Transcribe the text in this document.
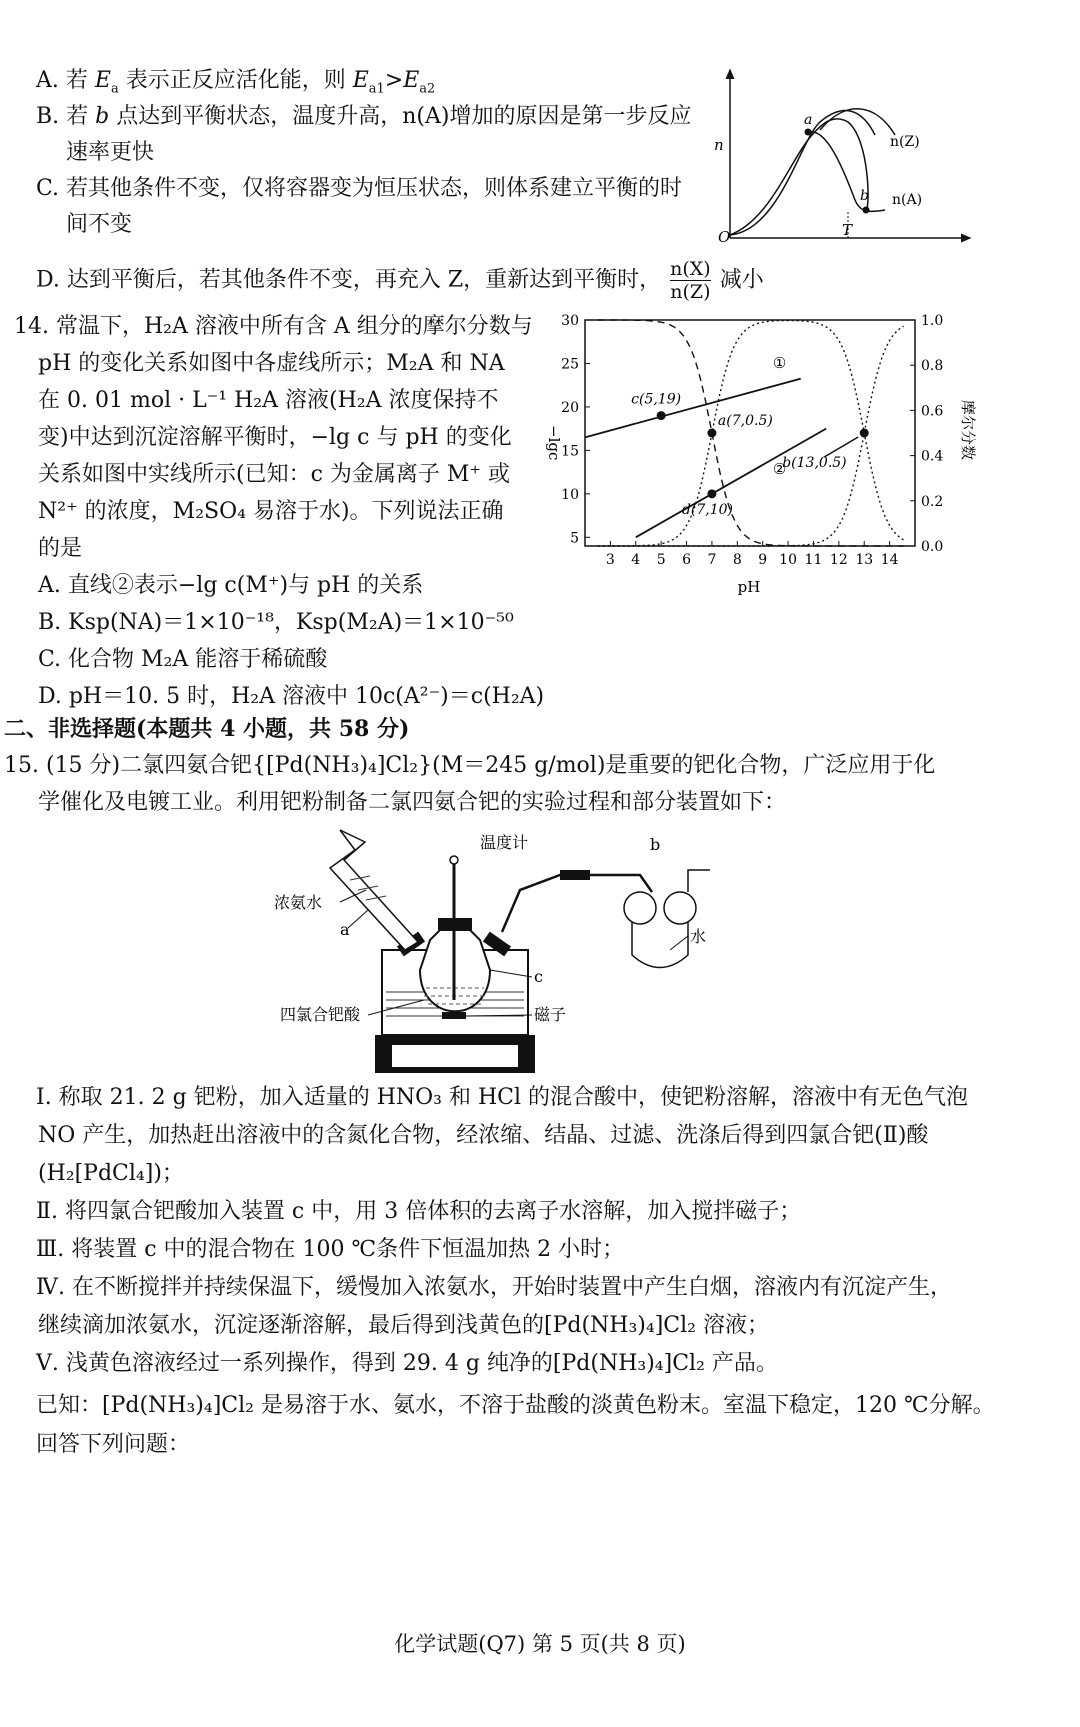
A. 若 $E_a$ 表示正反应活化能，则 $E_{a1}>E_{a2}$
B. 若 b 点达到平衡状态，温度升高，n(A)增加的原因是第一步反应
速率更快
C. 若其他条件不变，仅将容器变为恒压状态，则体系建立平衡的时
间不变
D. 达到平衡后，若其他条件不变，再充入 Z，重新达到平衡时， $\frac{n(X)}{n(Z)}$ 减小
n
O	T
a
b
n(Z)
n(A)
14. 常温下，H₂A 溶液中所有含 A 组分的摩尔分数与
pH 的变化关系如图中各虚线所示；M₂A 和 NA
在 0. 01 mol · L⁻¹ H₂A 溶液(H₂A 浓度保持不
变)中达到沉淀溶解平衡时，−lg c 与 pH 的变化
关系如图中实线所示(已知：c 为金属离子 M⁺ 或
N²⁺ 的浓度，M₂SO₄ 易溶于水)。下列说法正确
的是
A. 直线②表示−lg c(M⁺)与 pH 的关系
B. Ksp(NA)＝1×10⁻¹⁸，Ksp(M₂A)＝1×10⁻⁵⁰
C. 化合物 M₂A 能溶于稀硫酸
D. pH＝10. 5 时，H₂A 溶液中 10c(A²⁻)＝c(H₂A)
3 4 5 6 7 8 9 10 11 12 13 14
5
10
15
20
25
30
0.0
0.2
0.4
0.6
0.8
1.0
①
②
c(5,19)
a(7,0.5)
d(7,10)
b(13,0.5)
pH
−lgc	摩尔分数
二、非选择题(本题共 4 小题，共 58 分)
15. (15 分)二氯四氨合钯{[Pd(NH₃)₄]Cl₂}(M＝245 g/mol)是重要的钯化合物，广泛应用于化
学催化及电镀工业。利用钯粉制备二氯四氨合钯的实验过程和部分装置如下：
温度计	b
浓氨水
a	水
c
四氯合钯酸	磁子
Ⅰ. 称取 21. 2 g 钯粉，加入适量的 HNO₃ 和 HCl 的混合酸中，使钯粉溶解，溶液中有无色气泡
NO 产生，加热赶出溶液中的含氮化合物，经浓缩、结晶、过滤、洗涤后得到四氯合钯(Ⅱ)酸
(H₂[PdCl₄])；
Ⅱ. 将四氯合钯酸加入装置 c 中，用 3 倍体积的去离子水溶解，加入搅拌磁子；
Ⅲ. 将装置 c 中的混合物在 100 ℃条件下恒温加热 2 小时；
Ⅳ. 在不断搅拌并持续保温下，缓慢加入浓氨水，开始时装置中产生白烟，溶液内有沉淀产生，
继续滴加浓氨水，沉淀逐渐溶解，最后得到浅黄色的[Pd(NH₃)₄]Cl₂ 溶液；
Ⅴ. 浅黄色溶液经过一系列操作，得到 29. 4 g 纯净的[Pd(NH₃)₄]Cl₂ 产品。
已知：[Pd(NH₃)₄]Cl₂ 是易溶于水、氨水，不溶于盐酸的淡黄色粉末。室温下稳定，120 ℃分解。
回答下列问题：
化学试题(Q7) 第 5 页(共 8 页)
